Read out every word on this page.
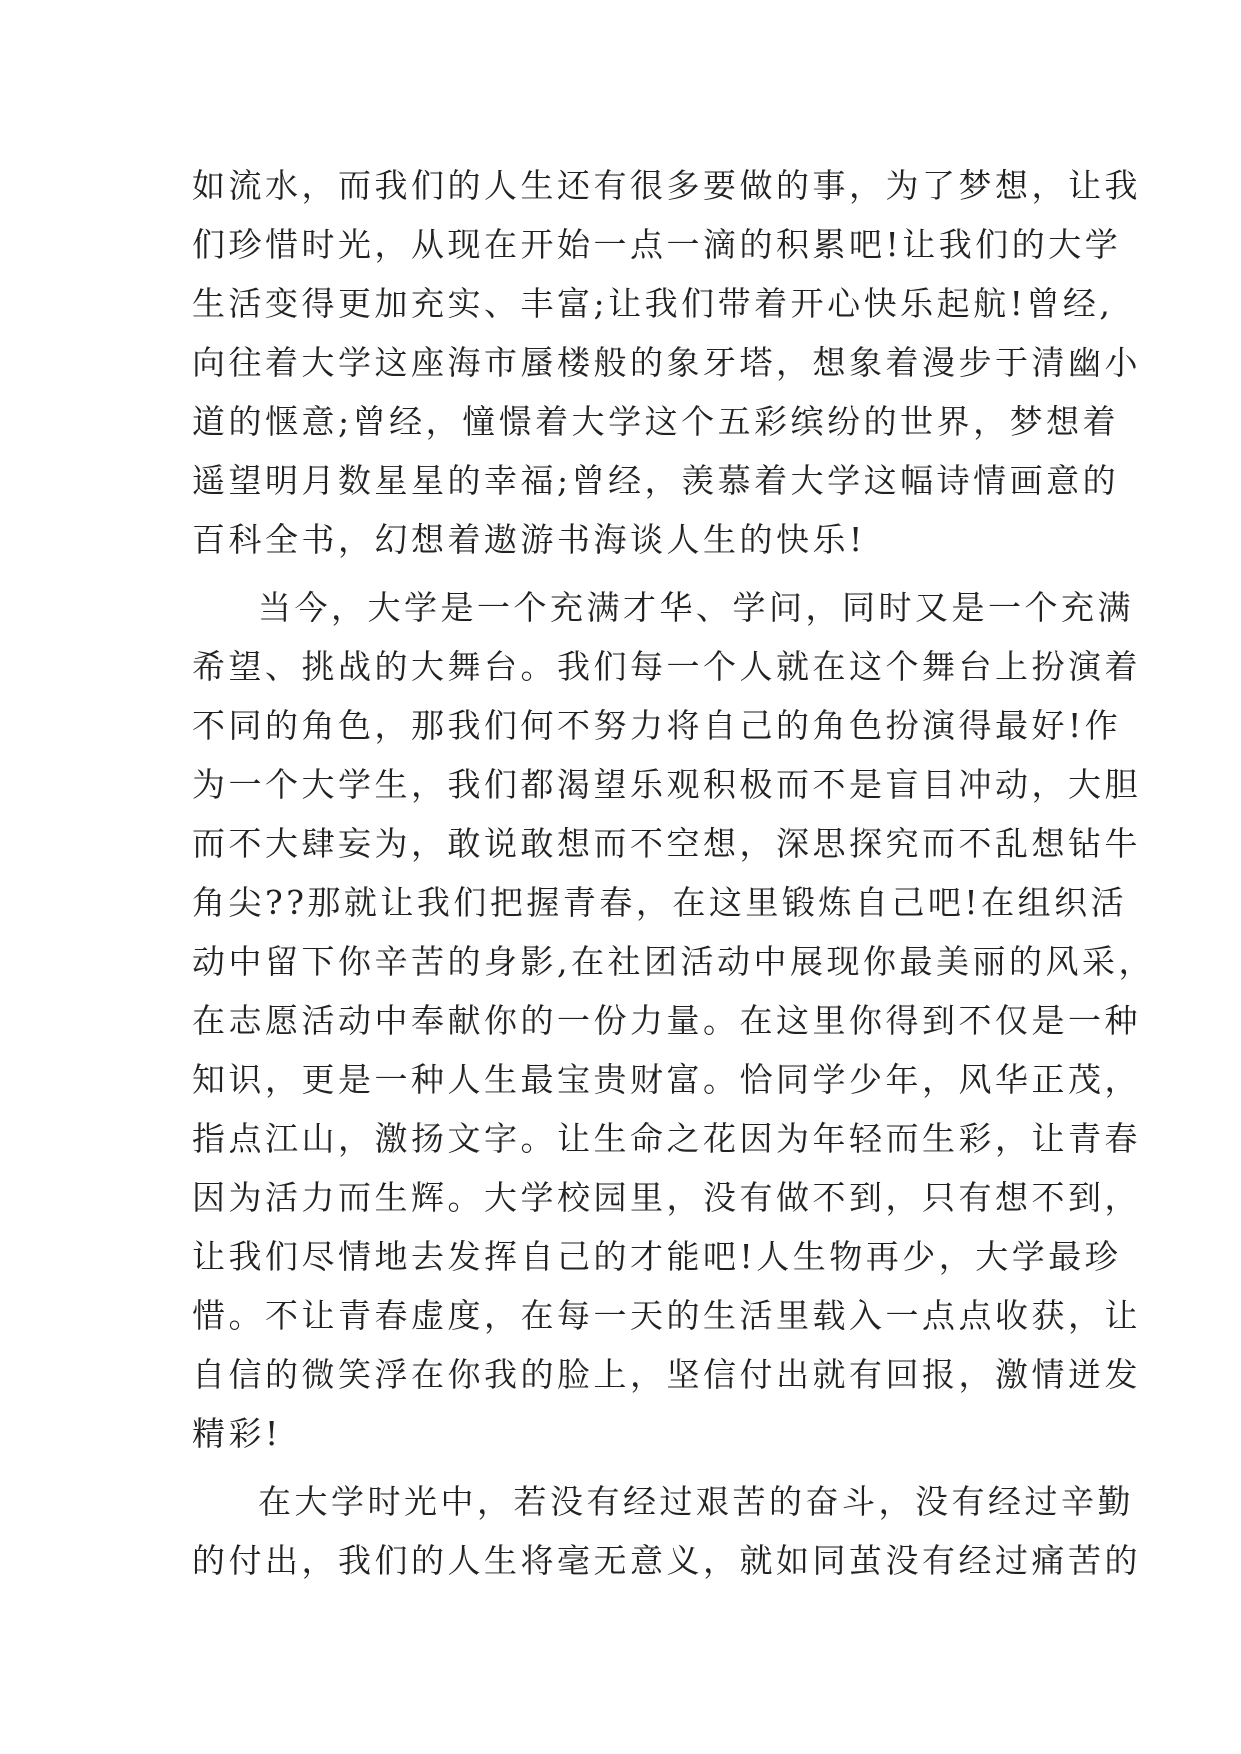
如流水，而我们的人生还有很多要做的事，为了梦想，让我
们珍惜时光，从现在开始一点一滴的积累吧!让我们的大学
生活变得更加充实、丰富;让我们带着开心快乐起航!曾经,
向往着大学这座海市蜃楼般的象牙塔，想象着漫步于清幽小
道的惬意;曾经，憧憬着大学这个五彩缤纷的世界，梦想着
遥望明月数星星的幸福;曾经，羡慕着大学这幅诗情画意的
百科全书，幻想着遨游书海谈人生的快乐!
当今，大学是一个充满才华、学问，同时又是一个充满
希望、挑战的大舞台。我们每一个人就在这个舞台上扮演着
不同的角色，那我们何不努力将自己的角色扮演得最好!作
为一个大学生，我们都渴望乐观积极而不是盲目冲动，大胆
而不大肆妄为，敢说敢想而不空想，深思探究而不乱想钻牛
角尖??那就让我们把握青春，在这里锻炼自己吧!在组织活
动中留下你辛苦的身影,在社团活动中展现你最美丽的风采，
在志愿活动中奉献你的一份力量。在这里你得到不仅是一种
知识，更是一种人生最宝贵财富。恰同学少年，风华正茂，
指点江山，激扬文字。让生命之花因为年轻而生彩，让青春
因为活力而生辉。大学校园里，没有做不到，只有想不到，
让我们尽情地去发挥自己的才能吧!人生物再少，大学最珍
惜。不让青春虚度，在每一天的生活里载入一点点收获，让
自信的微笑浮在你我的脸上，坚信付出就有回报，激情迸发
精彩!
在大学时光中，若没有经过艰苦的奋斗，没有经过辛勤
的付出，我们的人生将毫无意义，就如同茧没有经过痛苦的
